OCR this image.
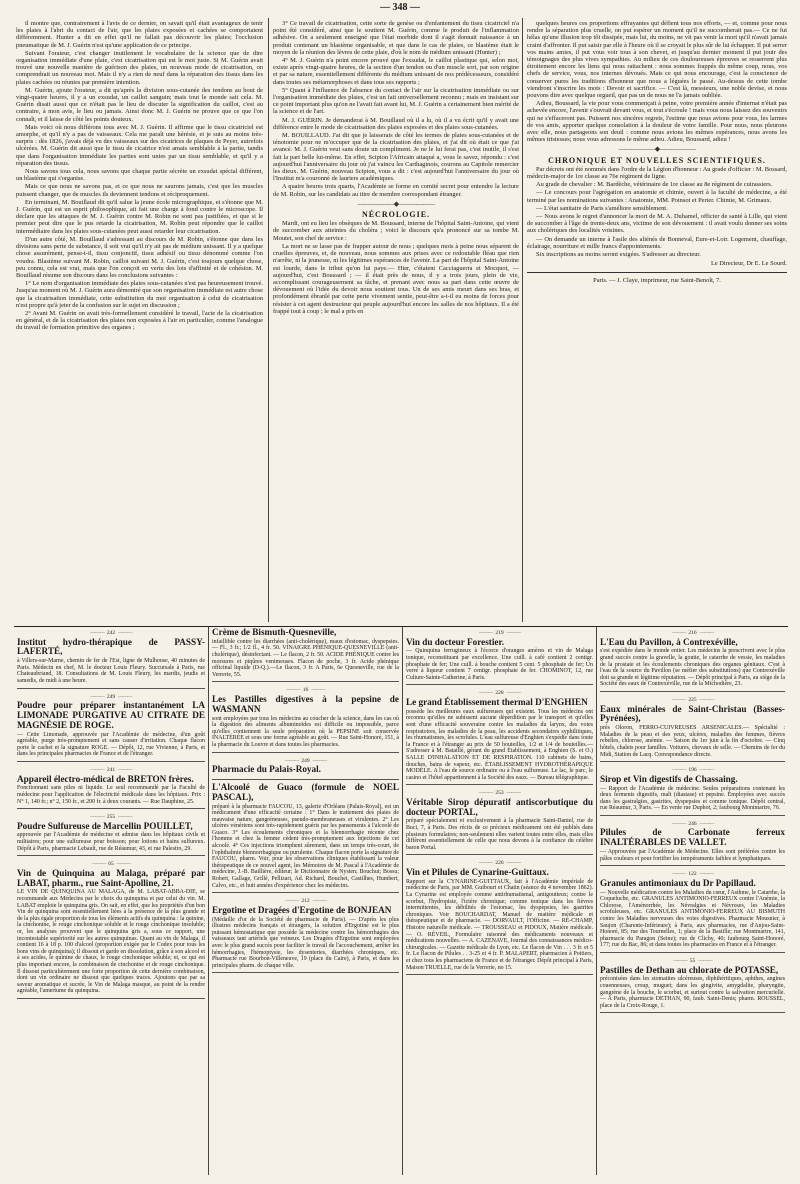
— 348 —

il montre que, contrairement à l'avis de ce dernier, on savait qu'il était avantageux de tenir les plaies à l'abri du contact de l'air, que les plaies exposées et cachées se comportaient différemment. Hunter a dit en effet qu'il ne fallait pas découvrir les plaies; l'occlusion pneumatique de M. J. Guérin n'est qu'une application de ce principe.

Suivant l'orateur, c'est changer inutilement le vocabulaire de la science que de dire organisation immédiate d'une plaie, c'est cicatrisation qui est le mot juste. Si M. Guérin avait trouvé une nouvelle manière de guérison des plaies, un nouveau mode de cicatrisation, on comprendrait un nouveau mot. Mais il n'y a rien de neuf dans la réparation des tissus dans les plaies cachées ou réunies par première intention.

M. Guérin, ajoute l'orateur, a dit qu'après la division sous-cutanée des tendons au bout de vingt-quatre heures, il y a un exsudat, un caillot sanguin; mais tout le monde sait cela. M. Guérin disait aussi que ce n'était pas le lieu de discuter la signification du caillot, c'est au contraire, à mon avis, le lieu ou jamais. Ainsi donc M. J. Guérin ne prouve que ce que l'on connaît, et il laisse de côté les points douteux.

Mais voici où nous différons tous avec M. J. Guérin. Il affirme que le tissu cicatriciel est amorphe, et qu'il n'y a pas de vaisseaux. Cela me paraît une hérésie, et je suis au moins très-surpris : dès 1826, j'avais déjà vu des vaisseaux sur des cicatrices de plaques de Peyer, autrefois ulcérées. M. Guérin dit aussi que le tissu de cicatrice n'est amais semblable à la partie, tandis que dans l'organisation immédiate les parties sont unies par un tissu semblable, et qu'il y a réparation des tissus.

Nous savons tous cela, nous savons que chaque partie sécrète un exsudat spécial différent, un blastème qui s'organise.

Mais ce que nous ne savons pas, et ce que nous ne saurons jamais, c'est que les muscles puissent changer, que de muscles ils deviennent tendons et réciproquement.

En terminant, M. Bouillaud dit qu'il salue la jeune école micrographique, et s'étonne que M. J. Guérin, qui est un esprit philosophique, ait fait une charge à fond contre le microscope. Il déclare que les attaques de M. J. Guérin contre M. Robin ne sont pas justifiées, et que si le premier peut dire que le pus retarde la cicatrisation, M. Robin peut répondre que le caillot intermédiaire dans les plaies sous-cutanées peut aussi retarder leur cicatrisation.

D'un autre côté, M. Bouillaud s'adressant au discours de M. Robin, s'étonne que dans les divisions sans perte de substance, il soit vrai qu'il n'y ait pas de médium unissant. Il y a quelque chose assurément, pense-t-il, tissu conjonctif, tissu adhésif ou tissu dénommé comme l'on voudra. Blastème suivant M. Robin, caillot suivant M. J. Guérin, c'est toujours quelque chose, peu connu, cela est vrai, mais que l'on conçoit en vertu des lois d'affinité et de cohésion. M. Bouillaud résume son discours dans les conclusions suivantes :

1° Le nom d'organisation immédiate des plaies sous-cutanées n'est pas heureusement trouvé. Jusqu'au moment où M. J. Guérin aura démontré que son organisation immédiate est autre chose que la cicatrisation immédiate, cette substitution du mot organisation à celui de cicatrisation n'est propre qu'à jeter de la confusion sur le sujet en discussion ;

2° Avant M. Guérin on avait très-formellement considéré le travail, l'acte de la cicatrisation en général, et de la cicatrisation des plaies non exposées à l'air en particulier, comme l'analogue du travail de formation primitive des organes ;

3° Ce travail de cicatrisation, cette sorte de genèse ou d'enfantement du tissu cicatriciel n'a point été considéré, ainsi que le soutient M. Guérin, comme le produit de l'inflammation adhésive. On a seulement enseigné que l'état morbide dont il s'agit donnait naissance à un produit contenant un blastème organisable, et que dans le cas de plaies, ce blastème était le moyen de la réunion des lèvres de cette plaie, d'où le nom de médium unissant (Hunter) ;

4° M. J. Guérin n'a point encore prouvé que l'exsudat, le caillot plastique qui, selon moi, existe après vingt-quatre heures, de la section d'un tendon ou d'un muscle sort, par son origine et par sa nature, essentiellement différente du médium unissant de nos prédécesseurs, considéré dans toutes ses métamorphoses et dans tous ses rapports ;

5° Quant à l'influence de l'absence du contact de l'air sur la cicatrisation immédiate ou sur l'organisation immédiate des plaies, c'est un fait universellement reconnu ; mais en insistant sur ce point important plus qu'on ne l'avait fait avant lui, M. J. Guérin a certainement bien mérité de la science et de l'art.

M. J. GUÉRIN. Je demanderai à M. Bouillaud où il a lu, où il a vu écrit qu'il y avait une différence entre le mode de cicatrisation des plaies exposées et des plaies sous-cutanées.

M. BOUILLAUD. J'ai dit que je laisserais de côté les termes de plaies sous-cutanées et de ténotomie pour ne m'occuper que de la cicatrisation des plaies, et j'ai dit où était ce que j'ai avancé. M. J. Guérin veut sans doute un compliment. Je ne le lui ferai pas, c'est inutile, il s'est fait la part belle lui-même. En effet, Scipion l'Africain attaqué a, vous le savez, répondu : c'est aujourd'hui l'anniversaire du jour où j'ai vaincu les Carthaginois, courons au Capitole remercier les dieux. M. Guérin, nouveau Scipion, vous a dit : c'est aujourd'hui l'anniversaire du jour où l'Institut m'a couronné de lauriers académiques.

A quatre heures trois quarts, l'Académie se forme en comité secret pour entendre la lecture de M. Robin, sur les candidats au titre de membre correspondant étranger.

——————◆——————
NÉCROLOGIE.

Mardi, ont eu lieu les obsèques de M. Boussard, interne de l'hôpital Saint-Antoine, qui vient de succomber aux atteintes du choléra ; voici le discours qu'a prononcé sur sa tombe M. Moutet, son chef de service :

La mort ne se lasse pas de frapper autour de nous ; quelques mois à peine nous séparent de cruelles épreuves, et, de nouveau, nous sommes aux prises avec ce redoutable fléau que rien n'arrête, ni la jeunesse, ni les légitimes espérances de l'avenir. La part de l'hôpital Saint-Antoine est lourde, dans le tribut qu'on lui paye.— Hier, c'étaient Cacciaguerra et Mocquot, — aujourd'hui, c'est Boussard ; — il était près de nous, il y a trois jours, plein de vie, accomplissant courageusement sa tâche, et prenant avec nous sa part dans cette œuvre de dévouement où l'idée du devoir nous soutient tous. Un de ses amis meurt dans ses bras, et profondément ébranlé par cette perte vivement sentie, peut-être a-t-il eu moins de forces pour résister à cet agent destructeur qui peuple aujourd'hui encore les salles de nos hôpitaux. Il a été frappé tout à coup ; le mal a pris en

quelques heures ces proportions effrayantes qui défient tous nos efforts, — et, comme pour nous rendre la séparation plus cruelle, on put espérer un moment qu'il ne succomberait pas.— Ce ne fut hélas qu'une illusion trop tôt dissipée, mais lui, du moins, ne vit pas venir la mort qu'il n'avait jamais craint d'affronter. Il put saisir par elle à l'heure où il se croyait le plus sûr de lui échapper. Il put serrer vos mains amies, il put vous voir tous à son chevet, et jusqu'au dernier moment il put jouir des témoignages des plus vives sympathies. Au milieu de ces douloureuses épreuves se resserrent plus étroitement encore les liens qui nous rattachent : nous sommes frappés du même coup, nous, vos chefs de service, vous, nos internes dévoués. Mais ce qui nous encourage, c'est la conscience de conserver pures les traditions d'honneur que nous a léguées le passé. Au-dessus de cette tombe viendront s'inscrire les mots : Devoir et sacrifice. — C'est là, messieurs, une noble devise, et nous pouvons dire avec quelque orgueil, que pas un de nous ne l'a jamais oubliée.

Adieu, Boussard, la vie pour vous commençait à peine, votre première année d'internat n'était pas achevée encore, l'avenir s'ouvrait devant vous, et tout s'écroule ! mais vous nous laissez des souvenirs qui ne s'effaceront pas. Puissent nos sincères regrets, l'estime que nous avions pour vous, les larmes de vos amis, apporter quelque consolation à la douleur de votre famille. Pour nous, nous pleurons avec elle, nous partageons son deuil : comme nous avions les mêmes espérances, nous avons les mêmes tristesses; nous vous adressons le même adieu. Adieu, Boussard, adieu !

——————◆——————
CHRONIQUE ET NOUVELLES SCIENTIFIQUES.

Par décrets ont été nommés dans l'ordre de la Légion d'honneur : Au grade d'officier : M. Bossard, médecin-major de 1re classe au 76e régiment de ligne.

Au grade de chevalier : M. Bardèche, vétérinaire de 1re classe au 8e régiment de cuirassiers.

— Le concours pour l'agrégation en anatomie et chimie, ouvert à la faculté de médecine, a été terminé par les nominations suivantes : Anatomie, MM. Poinsot et Perier. Chimie, M. Grimaux.

— L'état sanitaire de Paris s'améliore sensiblement.

— Nous avons le regret d'annoncer la mort de M. A. Duhamel, officier de santé à Lille, qui vient de succomber à l'âge de trente-deux ans, victime de son dévouement : il avait voulu donner ses soins aux cholériques des localités voisines.

— On demande un interne à l'asile des aliénés de Bonneval, Eure-et-Loir. Logement, chauffage, éclairage, nourriture et mille francs d'appointements.

Six inscriptions au moins seront exigées. S'adresser au directeur.

Le Directeur, Dr E. Le Sourd.
Paris. — J. Claye, imprimeur, rue Saint-Benoît, 7.
——— 242 ———
Institut hydro-thérapique de PASSY-LAFERTÉ,
à Villers-sur-Marne, chemin de fer de l'Est, ligne de Mulhouse, 40 minutes de Paris. Médecin en chef, M. le docteur Louis Fleury. Succursale à Paris, rue Chateaubriand, 18. Consultations de M. Louis Fleury, les mardis, jeudis et samedis, de midi à une heure.
——— 249 ———
Poudre pour préparer instantanément LA LIMONADE PURGATIVE AU CITRATE DE MAGNÉSIE DE ROGE.
— Cette Limonade, approuvée par l'Académie de médecine, d'un goût agréable, purge très-promptement et sans causer d'irritation. Chaque flacon porte le cachet et la signature ROGE. — Dépôt, 12, rue Vivienne, à Paris, et dans les principales pharmacies de France et de l'étranger.
——— 241 ———
Appareil électro-médical de BRETON frères.
Fonctionnant sans piles ni liquide. Le seul recommandé par la Faculté de médecine pour l'application de l'électricité médicale dans les hôpitaux. Prix : N° 1, 140 fr.; n° 2, 150 fr., et 200 fr. à deux courants. — Rue Dauphine, 25.
——— 255 ———
Poudre Sulfureuse de Marcellin POUILLET,
approuvée par l'Académie de médecine et admise dans les hôpitaux civils et militaires; pour une sulfureuse pour boisson; pour lotions et bains sulfureux. Dépôt à Paris, pharmacie Lebault, rue de Réaumur, 43, et rue Palestro, 29.
——— 65 ———
Vin de Quinquina au Malaga, préparé par LABAT, pharm., rue Saint-Apolline, 21.
LE VIN DE QUINQUINA AU MALAGA, de M. LABAT-ABBA-DIE, se recommande aux Médecins par le choix du quinquina et par celui du vin. M. LABAT emploie le quinquina gris. On sait, en effet, que les propriétés d'un bon Vin de quinquina sont essentiellement liées à la présence de la plus grande et de la plus égale proportion de tous les éléments actifs du quinquina : la quinine, la cinchonine, le rouge cinchonique soluble et le rouge cinchonique insoluble; or, les analyses prouvent que le quinquina gris a, sous ce rapport, une incontestable supériorité sur les autres quinquinas. Quant au vin de Malaga, il contient 16 à 18 p. 100 d'alcool (proportion exigée par le Codex pour tous les bons vins de quinquina); il dissout et garde en dissolution, grâce à son alcool et à ses acides, le quinine de chaux, le rouge cinchonique soluble; et, ce qui est plus important encore, la combinaison de cinchonine et de rouge cinchonique. Il dissout particulièrement une forte proportion de cette dernière combinaison, dont un vin ordinaire ne dissout que quelques traces. Ajoutons que par sa saveur aromatique et sucrée, le Vin de Malaga masque, au point de la rendre agréable, l'amertume du quinquina.
Crème de Bismuth-Quesneville,
infaillible contre les diarrhées (anti-cholérique), maux d'estomac, dyspepsies. — Fl., 3 fr.; 1/2 fl., 4 fr. 50. VINAIGRE PHÉNIQUE-QUESNEVILLE (anti-cholérique), désinfectant. — Le flacon, 2 fr. 50. ACIDE PHÉNIQUE contre les morsures et piqûres venimeuses. Flacon de poche, 3 fr. Acide phénique officinal liquide (D-Q.).—Le flacon, 3 fr. A Paris, 6e Quesneville, rue de la Verrerie, 55.
——— 16 ———
Les Pastilles digestives à la pepsine de WASMANN
sont employées par tous les médecins au coucher de la science, dans les cas où la digestion des aliments albuminoïdes est difficile ou impossible, parce qu'elles contiennent la seule préparation où la PEPSINE soit conservée INALTÉRÉE et sous une forme agréable au goût. — Rue Saint-Honoré, 151, à la pharmacie du Louvre et dans toutes les pharmacies.
——— 249 ———
Pharmacie du Palais-Royal.
L'Alcoolé de Guaco (formule de NOEL PASCAL),
préparé à la pharmacie FAUCOU, 13, galerie d'Orléans (Palais-Royal), est un médicament d'une efficacité certaine : 1° Dans le traitement des plaies de mauvaise nature, gangréneuses, pseudo-membraneuses et virulentes. 2° Les ulcères vénériens sont très-rapidement guéris par les pansements à l'alcoolé de Guaco. 3° Les écoulements chroniques et la blennorrhagie récente chez l'homme et chez la femme cèdent très-promptement aux injections de cet alcoolé. 4° Ces injections triomphent sûrement, dans un temps très-court, de l'ophthalmie blennorrhagique ou purulente. Chaque flacon porte la signature de FAUCOU, pharm. Voir, pour les observations cliniques établissant la valeur thérapeutique de ce nouvel agent, les Mémoires de M. Pascal à l'Académie de médecine, J.-B. Baillière, éditeur; le Dictionnaire de Nysten; Bouchut; Bossu; Robert, Gallage, Grillé, Pellizari, Ad. Richard, Bouchet, Castilhes, Humbert, Calvo, etc., et huit années d'expérience chez les médecins.
——— 212 ———
Ergotine et Dragées d'Ergotine de BONJEAN
(Médaille d'or de la Société de pharmacie de Paris). — D'après les plus illustres médecins français et étrangers, la solution d'Ergotine est le plus puissant hémostatique que possède la médecine contre les hémorrhagies des vaisseaux tant artériels que veineux. Les Dragées d'Ergotine sont employées avec le plus grand succès pour faciliter le travail de l'accouchement, arrêter les hémorrhagies, l'hémoptysie, les dysenteries, diarrhées chroniques, etc. Pharmacie rue Bourbon-Villeneuve, 19 (place du Caire), à Paris, et dans les principales pharm. de chaque ville.
——— 219 ———
Vin du docteur Forestier.
— Quinquina ferrugineux à l'écorce d'oranges amères et vin de Malaga tonique, reconstituant par excellence. Une cuill. à café contient 2 centigr. phosphate de fer; Une cuill. à bouche contient 5 cent. 5 phosphate de fer; Un verre à liqueur contient 7 centigr. phosphate de fer. CHOMINOT, 12, rue Culture-Sainte-Catherine, à Paris.
——— 228 ———
Le grand Établissement thermal D'ENGHIEN
possède les meilleures eaux sulfureuses qui existent. Tous les médecins ont reconnu qu'elles ne subissent aucune déperdition par le transport et qu'elles sont d'une efficacité souveraine contre les maladies du larynx, des voies respiratoires, les maladies de la peau, les accidents secondaires syphilitiques, les rhumatismes, les scrofules. L'eau sulfureuse d'Enghien s'expédie dans toute la France et à l'étranger au prix de 50 bouteilles, 1/2 et 1/4 de bouteilles.— S'adresser à M. Bataillé, gérant du grand Établissement, à Enghien (S. et O.) SALLE D'INHALATION ET DE RESPIRATION. 110 cabinets de bains, douches, bains de vapeur, etc. ÉTABLISSEMENT HYDROTHÉRAPIQUE MODÈLE. A l'eau de source ordinaire ou à l'eau sulfureuse. Le lac, le parc, le casino et l'hôtel appartiennent à la Société des eaux. — Bureau télégraphique.
——— 253 ———
Véritable Sirop dépuratif antiscorbutique du docteur PORTAL,
préparé spécialement et exclusivement à la pharmacie Saint-Daniel, rue de Buci, 7, à Paris. Des récits de ce précieux médicament ont été publiés dans plusieurs formulaires; non-seulement elles varient toutes entre elles, mais elles diffèrent essentiellement de celle que nous devons à la confiance du célèbre baron Portal.
——— 226 ———
Vin et Pilules de Cynarine-Guittaux.
Rapport sur la CYNARINE-GUITTAUX, fait à l'Académie impériale de médecine de Paris, par MM. Guibourt et Chatin (séance du 4 novembre 1862). La Cynarine est employée comme antirhumatismal, antigoutteux; contre le scorbut, l'hydropisie, l'ictère chronique; comme tonique dans les fièvres intermittentes, les débilités de l'estomac, les dyspepsies, les gastrites chroniques. Voir BOUCHARDAT, Manuel de matière médicale et thérapeutique et de pharmacie. — DORVAULT, l'Officine. — RÉ-CHAMP, Histoire naturelle médicale. — TROUSSEAU et PIDOUX, Matière médicale. — O. RÉVEIL, Formulaire raisonné des médicaments nouveaux et médications nouvelles. — A. CAZENAVE, Journal des connaissances médico-chirurgicales. — Gazette médicale de Lyon, etc. Le flacon de Vin . . . 3 fr. et 5 fr. Le flacon de Pilules . . 3-25 et 4 fr. P. MALAPERT, pharmacien à Poitiers, et chez tous les pharmaciens de France et de l'étranger. Dépôt principal à Paris, Maison TRUELLE, rue de la Verrerie, no 15.
——— 216 ———
L'Eau du Pavillon, à Contrexéville,
s'est expédiée dans le monde entier. Les médecins la prescrivent avec le plus grand succès contre la gravelle, la goutte, le catarrhe de vessie, les maladies de la prostate et les écoulements chroniques des organes génitaux. C'est à l'eau de la source du Pavillon (se méfier des substitutions) que Contrexéville doit sa grande et légitime réputation. — Dépôt principal à Paris, au siège de la Société des eaux de Contrexéville, rue de la Michodière, 23.
——— 225 ———
Eaux minérales de Saint-Christau (Basses-Pyrénées),
prés Oloron, FERRO-CUIVREUSES ARSENICALES.— Spécialité : Maladies de la peau et des yeux, ulcères, maladies des femmes, fièvres rebelles, chlorose, anémie. — Saison du 1er juin à la fin d'octobre. — Cinq hôtels, chalets pour familles. Voitures, chevaux de selle. — Chemins de fer du Midi, Station de Lacq. Correspondance directe.
——— 196 ———
Sirop et Vin digestifs de Chassaing.
— Rapport de l'Académie de médecine. Seules préparations contenant les deux ferments digestifs, malt (diastase) et pepsine. Employées avec succès dans les gastralgies, gastrites, dyspepsies et comme tonique. Dépôt central, rue Réaumur, 3, Paris. — En vente rue Duphot, 2; faubourg Montmartre, 76.
——— 246 ———
Pilules de Carbonate ferreux INALTÉRABLES DE VALLET.
— Approuvées par l'Académie de Médecine. Elles sont préférées contre les pâles couleurs et pour fortifier les tempéraments faibles et lymphatiques.
——— 122 ———
Granules antimoniaux du Dr Papillaud.
— Nouvelle médication contre les Maladies du cœur, l'Asthme, le Catarrhe, la Coqueluche, etc. GRANULES ANTIMONIO-FERREUX contre l'Anémie, la Chlorose, l'Aménorrhée, les Névralgies et Névroses, les Maladies scrofuleuses, etc. GRANULES ANTIMONIO-FERREUX AU BISMUTH contre les Maladies nerveuses des voies digestives. Pharmacie Mousnier, à Saujon (Charente-Inférieure); à Paris, aux pharmacies, rue d'Anjou-Saint-Honoré, 85; rue des Tournelles, 1; place de la Bastille; rue Montmartre, 141, pharmacie du Paragon (Seine); rue de Clichy, 40; faubourg Saint-Honoré, 177; rue du Bac, 86; et dans toutes les pharmacies en France et à l'étranger.
——— 55 ———
Pastilles de Dethan au chlorate de POTASSE,
préconisées dans les stomatites ulcéreuses, diphthéritiques, aphthes, angines couenneuses, croup, muguet; dans les gingivite, amygdalite, pharyngite, gangrène de la bouche, le scorbut, et surtout contre la salivation mercurielle. — A Paris, pharmacie DETHAN, 90, faub. Saint-Denis; pharm. ROUSSEL, place de la Croix-Rouge, 1.
